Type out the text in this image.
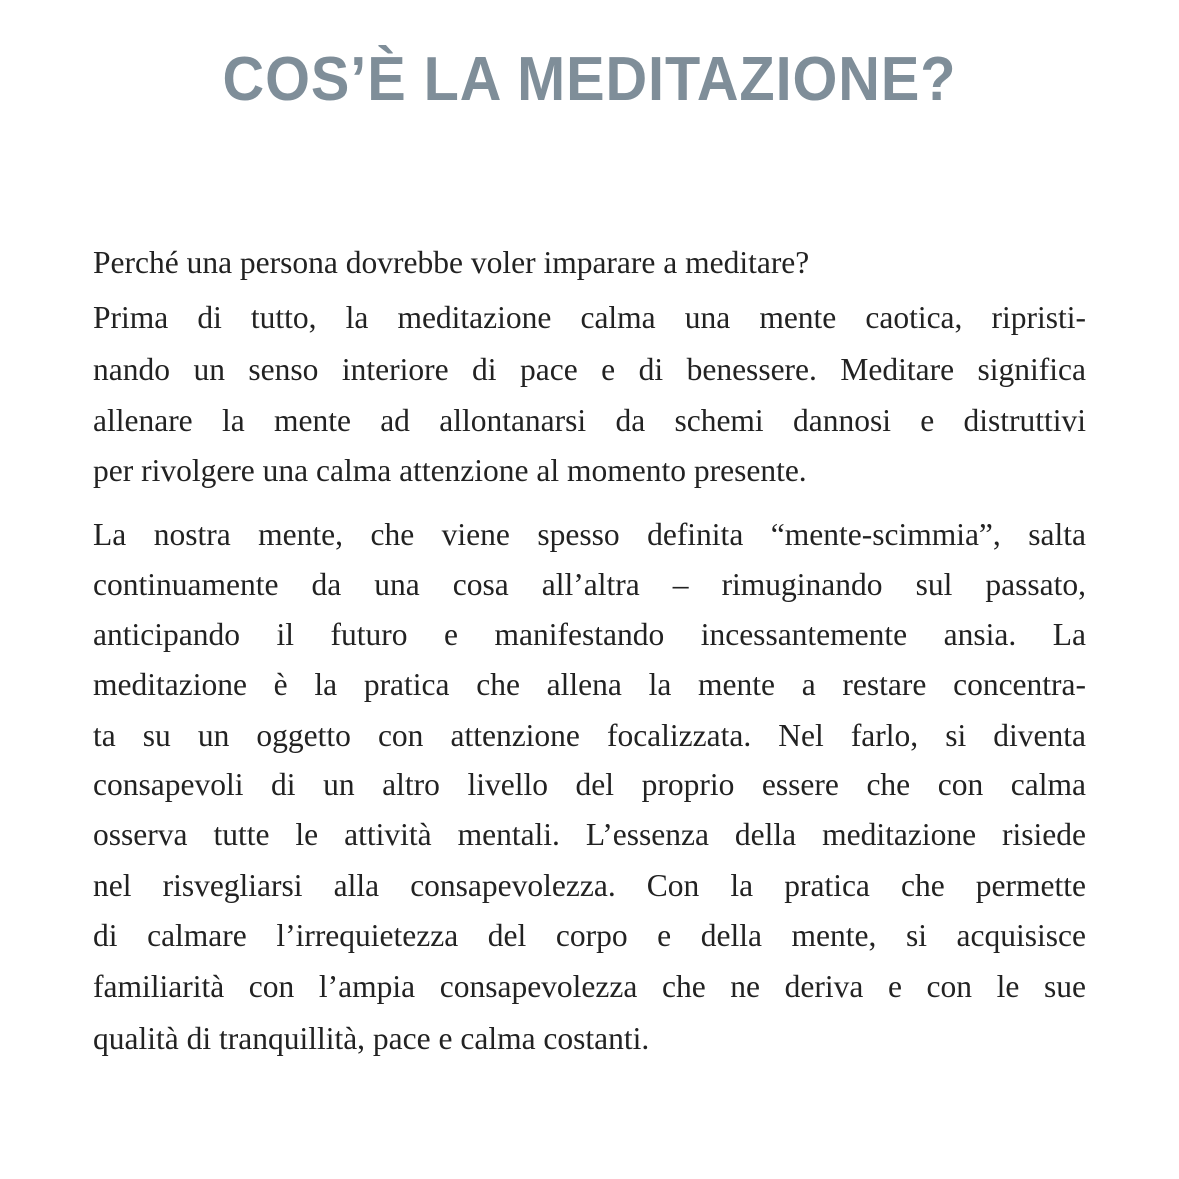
COS’È LA MEDITAZIONE?
Perché una persona dovrebbe voler imparare a meditare?
Prima di tutto, la meditazione calma una mente caotica, ripristi-
nando un senso interiore di pace e di benessere. Meditare significa
allenare la mente ad allontanarsi da schemi dannosi e distruttivi
per rivolgere una calma attenzione al momento presente.
La nostra mente, che viene spesso definita “mente-scimmia”, salta
continuamente da una cosa all’altra – rimuginando sul passato,
anticipando il futuro e manifestando incessantemente ansia. La
meditazione è la pratica che allena la mente a restare concentra-
ta su un oggetto con attenzione focalizzata. Nel farlo, si diventa
consapevoli di un altro livello del proprio essere che con calma
osserva tutte le attività mentali. L’essenza della meditazione risiede
nel risvegliarsi alla consapevolezza. Con la pratica che permette
di calmare l’irrequietezza del corpo e della mente, si acquisisce
familiarità con l’ampia consapevolezza che ne deriva e con le sue
qualità di tranquillità, pace e calma costanti.
